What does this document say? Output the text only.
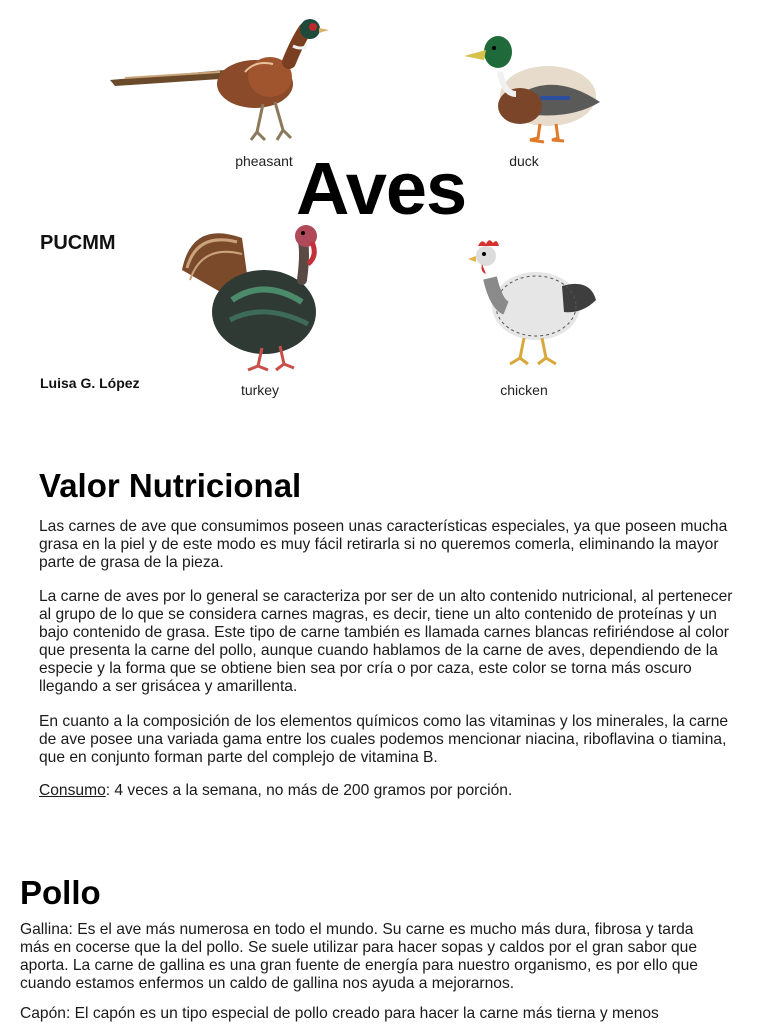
pheasant	duck
turkey	chicken
Aves
PUCMM
Luisa G. López
Valor Nutricional

Las carnes de ave que consumimos poseen unas características especiales, ya que poseen mucha grasa en la piel y de este modo es muy fácil retirarla si no queremos comerla, eliminando la mayor parte de grasa de la pieza.

La carne de aves por lo general se caracteriza por ser de un alto contenido nutricional, al pertenecer al grupo de lo que se considera carnes magras, es decir, tiene un alto contenido de proteínas y un bajo contenido de grasa. Este tipo de carne también es llamada carnes blancas refiriéndose al color que presenta la carne del pollo, aunque cuando hablamos de la carne de aves, dependiendo de la especie y la forma que se obtiene bien sea por cría o por caza, este color se torna más oscuro llegando a ser grisácea y amarillenta.

En cuanto a la composición de los elementos químicos como las vitaminas y los minerales, la carne de ave posee una variada gama entre los cuales podemos mencionar niacina, riboflavina o tiamina, que en conjunto forman parte del complejo de vitamina B.

Consumo: 4 veces a la semana, no más de 200 gramos por porción.

Pollo

Gallina: Es el ave más numerosa en todo el mundo. Su carne es mucho más dura, fibrosa y tarda más en cocerse que la del pollo. Se suele utilizar para hacer sopas y caldos por el gran sabor que aporta. La carne de gallina es una gran fuente de energía para nuestro organismo, es por ello que cuando estamos enfermos un caldo de gallina nos ayuda a mejorarnos.

Capón: El capón es un tipo especial de pollo creado para hacer la carne más tierna y menos
